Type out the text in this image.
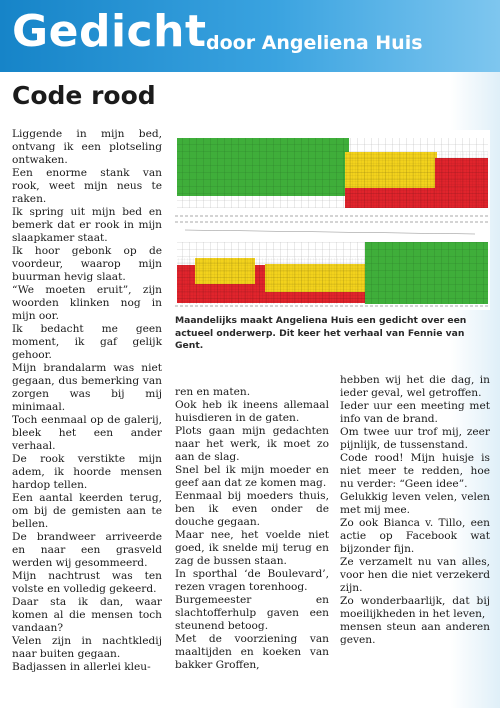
Gedicht door Angeliena Huis
Code rood

Liggende in mijn bed, ontvang ik een plotseling ontwaken.

Een enorme stank van rook, weet mijn neus te raken.

Ik spring uit mijn bed en bemerk dat er rook in mijn slaapkamer staat.

Ik hoor gebonk op de voordeur, waarop mijn buurman hevig slaat.

“We moeten eruit”, zijn woorden klinken nog in mijn oor.

Ik bedacht me geen moment, ik gaf gelijk gehoor.

Mijn brandalarm was niet gegaan, dus bemerking van zorgen was bij mij minimaal.

Toch eenmaal op de galerij, bleek het een ander verhaal.

De rook verstikte mijn adem, ik hoorde mensen hardop tellen.

Een aantal keerden terug, om bij de gemisten aan te bellen.

De brandweer arriveerde en naar een grasveld werden wij gesommeerd.

Mijn nachtrust was ten volste en volledig gekeerd.

Daar sta ik dan, waar komen al die mensen toch vandaan?

Velen zijn in nachtkledij naar buiten gegaan.

Badjassen in allerlei kleu-

Maandelijks maakt Angeliena Huis een gedicht over een actueel onderwerp. Dit keer het verhaal van Fennie van Gent.

ren en maten.

Ook heb ik ineens allemaal huisdieren in de gaten.

Plots gaan mijn gedachten naar het werk, ik moet zo aan de slag.

Snel bel ik mijn moeder en geef aan dat ze komen mag.

Eenmaal bij moeders thuis, ben ik even onder de douche gegaan.

Maar nee, het voelde niet goed, ik snelde mij terug en zag de bussen staan.

In sporthal ‘de Boulevard’, rezen vragen torenhoog.

Burgemeester en slachtofferhulp gaven een steunend betoog.

Met de voorziening van maaltijden en koeken van bakker Groffen,

hebben wij het die dag, in ieder geval, wel getroffen.

Ieder uur een meeting met info van de brand.

Om twee uur trof mij, zeer pijnlijk, de tussenstand.

Code rood! Mijn huisje is niet meer te redden, hoe nu verder: “Geen idee”.

Gelukkig leven velen, velen met mij mee.

Zo ook Bianca v. Tillo, een actie op Facebook wat bijzonder fijn.

Ze verzamelt nu van alles, voor hen die niet verzekerd zijn.

Zo wonderbaarlijk, dat bij moeilijkheden in het leven,

mensen steun aan anderen geven.
